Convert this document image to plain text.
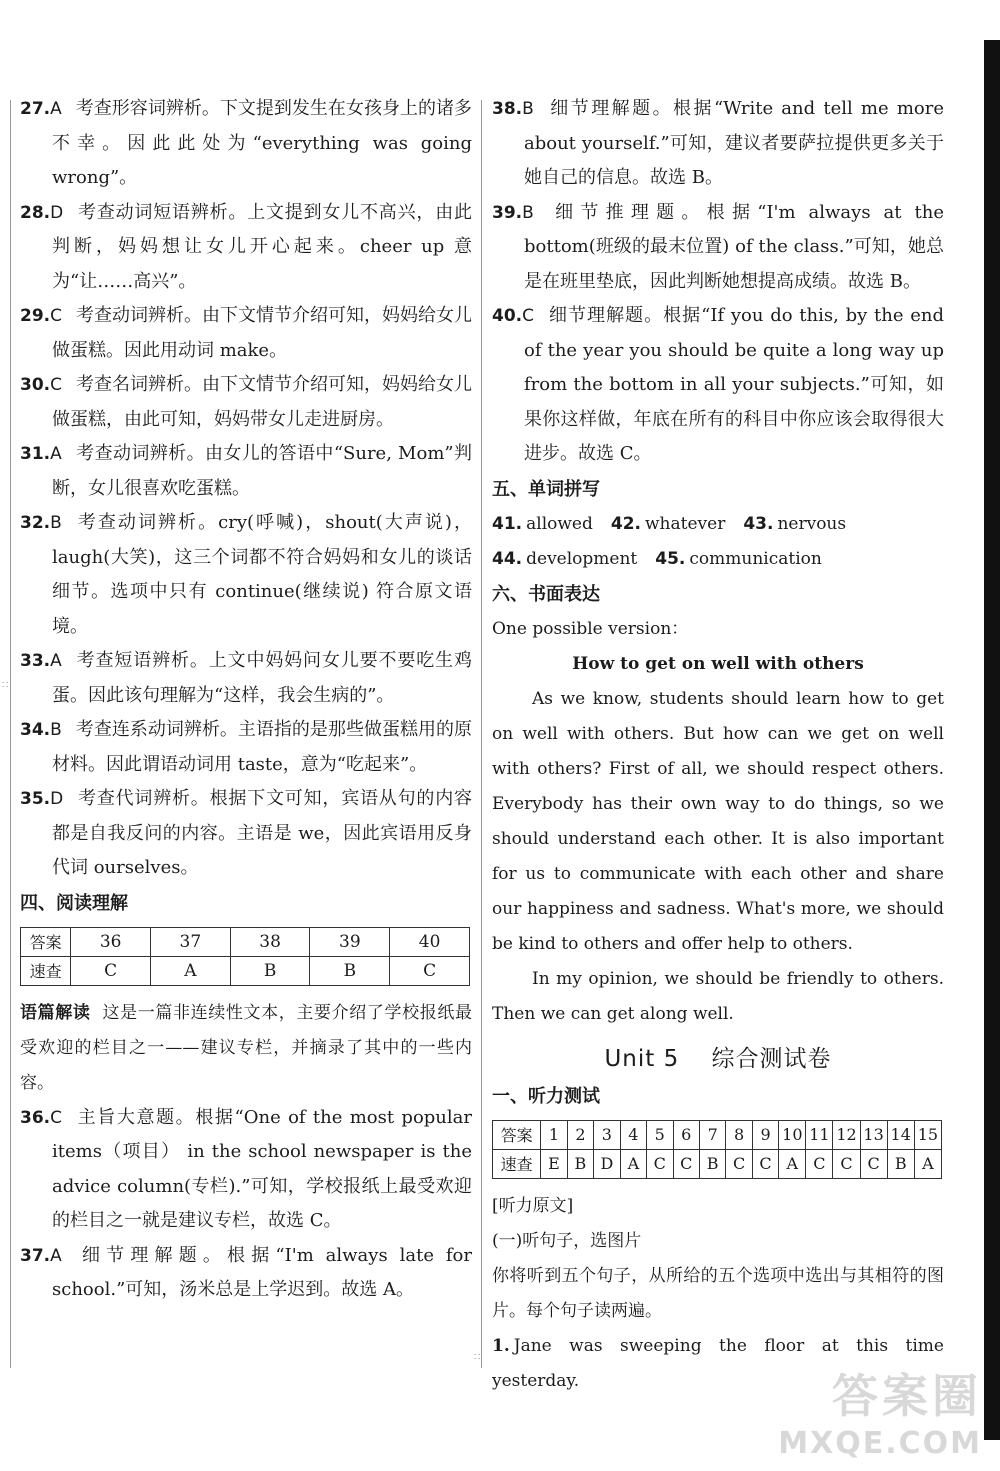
∷
∷

27.A 考查形容词辨析。下文提到发生在女孩身上的诸多不幸。因此此处为“everything was going wrong”。

28.D 考查动词短语辨析。上文提到女儿不高兴，由此判断，妈妈想让女儿开心起来。cheer up 意为“让……高兴”。

29.C 考查动词辨析。由下文情节介绍可知，妈妈给女儿做蛋糕。因此用动词 make。

30.C 考查名词辨析。由下文情节介绍可知，妈妈给女儿做蛋糕，由此可知，妈妈带女儿走进厨房。

31.A 考查动词辨析。由女儿的答语中“Sure, Mom”判断，女儿很喜欢吃蛋糕。

32.B 考查动词辨析。cry(呼喊)，shout(大声说)，laugh(大笑)，这三个词都不符合妈妈和女儿的谈话细节。选项中只有 continue(继续说) 符合原文语境。

33.A 考查短语辨析。上文中妈妈问女儿要不要吃生鸡蛋。因此该句理解为“这样，我会生病的”。

34.B 考查连系动词辨析。主语指的是那些做蛋糕用的原材料。因此谓语动词用 taste，意为“吃起来”。

35.D 考查代词辨析。根据下文可知，宾语从句的内容都是自我反问的内容。主语是 we，因此宾语用反身代词 ourselves。

四、阅读理解

答案	36	37	38	39	40
速查	C	A	B	B	C

语篇解读 这是一篇非连续性文本，主要介绍了学校报纸最受欢迎的栏目之一——建议专栏，并摘录了其中的一些内容。

36.C 主旨大意题。根据“One of the most popular items（项目） in the school newspaper is the advice column(专栏).”可知，学校报纸上最受欢迎的栏目之一就是建议专栏，故选 C。

37.A 细节理解题。根据“I'm always late for school.”可知，汤米总是上学迟到。故选 A。

38.B 细节理解题。根据“Write and tell me more about yourself.”可知，建议者要萨拉提供更多关于她自己的信息。故选 B。

39.B 细节推理题。根据“I'm always at the bottom(班级的最末位置) of the class.”可知，她总是在班里垫底，因此判断她想提高成绩。故选 B。

40.C 细节理解题。根据“If you do this, by the end of the year you should be quite a long way up from the bottom in all your subjects.”可知，如果你这样做，年底在所有的科目中你应该会取得很大进步。故选 C。

五、单词拼写

41. allowed 42. whatever 43. nervous

44. development 45. communication

六、书面表达

One possible version：

How to get on well with others

As we know, students should learn how to get on well with others. But how can we get on well with others? First of all, we should respect others. Everybody has their own way to do things, so we should understand each other. It is also important for us to communicate with each other and share our happiness and sadness. What's more, we should be kind to others and offer help to others.

In my opinion, we should be friendly to others. Then we can get along well.

Unit 5 综合测试卷

一、听力测试

答案	1	2	3	4	5	6	7	8	9	10	11	12	13	14	15
速查	E	B	D	A	C	C	B	C	C	A	C	C	C	B	A

[听力原文]

(一)听句子，选图片

你将听到五个句子，从所给的五个选项中选出与其相符的图片。每个句子读两遍。

1. Jane was sweeping the floor at this time yesterday.	答案圈
MXQE.COM
